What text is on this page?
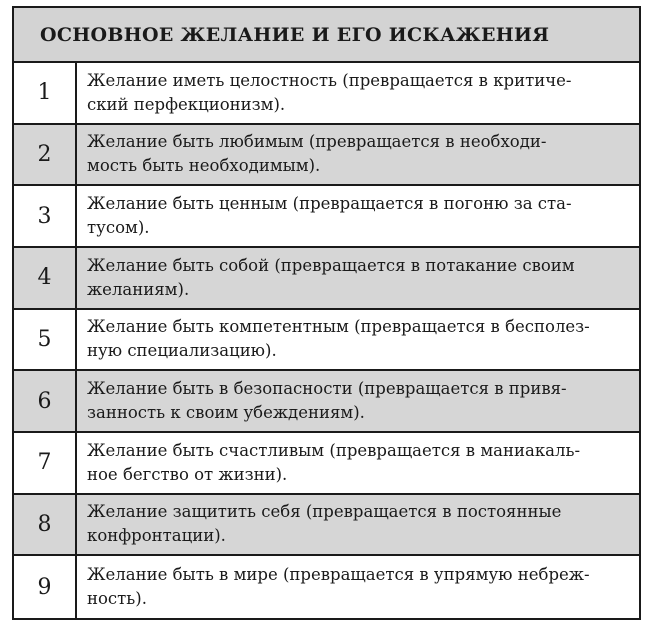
ОСНОВНОЕ ЖЕЛАНИЕ И ЕГО ИСКАЖЕНИЯ
1	Желание иметь целостность (превращается в критиче-
ский перфекционизм).
2	Желание быть любимым (превращается в необходи-
мость быть необходимым).
3	Желание быть ценным (превращается в погоню за ста-
тусом).
4	Желание быть собой (превращается в потакание своим
желаниям).
5	Желание быть компетентным (превращается в бесполез-
ную специализацию).
6	Желание быть в безопасности (превращается в привя-
занность к своим убеждениям).
7	Желание быть счастливым (превращается в маниакаль-
ное бегство от жизни).
8	Желание защитить себя (превращается в постоянные
конфронтации).
9	Желание быть в мире (превращается в упрямую небреж-
ность).
